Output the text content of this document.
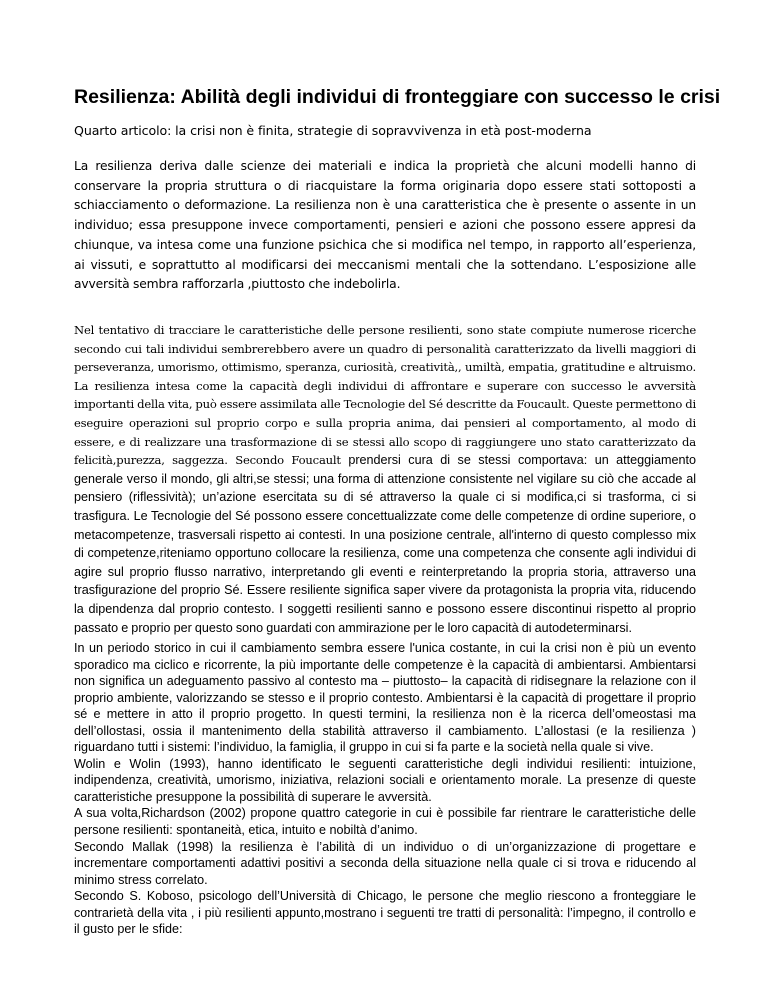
Resilienza: Abilità degli individui di fronteggiare con successo le crisi

Quarto articolo: la crisi non è finita, strategie di sopravvivenza in età post-moderna

La resilienza deriva dalle scienze dei materiali e indica la proprietà che alcuni modelli hanno di conservare la propria struttura o di riacquistare la forma originaria dopo essere stati sottoposti a schiacciamento o deformazione. La resilienza non è una caratteristica che è presente o assente in un individuo; essa presuppone invece comportamenti, pensieri e azioni che possono essere appresi da chiunque, va intesa come una funzione psichica che si modifica nel tempo, in rapporto all’esperienza, ai vissuti, e soprattutto al modificarsi dei meccanismi mentali che la sottendano. L’esposizione alle avversità sembra rafforzarla ,piuttosto che indebolirla.

Nel tentativo di tracciare le caratteristiche delle persone resilienti, sono state compiute numerose ricerche secondo cui tali individui sembrerebbero avere un quadro di personalità caratterizzato da livelli maggiori di perseveranza, umorismo, ottimismo, speranza, curiosità, creatività,, umiltà, empatia, gratitudine e altruismo. La resilienza intesa come la capacità degli individui di affrontare e superare con successo le avversità importanti della vita, può essere assimilata alle Tecnologie del Sé descritte da Foucault. Queste permettono di eseguire operazioni sul proprio corpo e sulla propria anima, dai pensieri al comportamento, al modo di essere, e di realizzare una trasformazione di se stessi allo scopo di raggiungere uno stato caratterizzato da felicità,purezza, saggezza. Secondo Foucault prendersi cura di se stessi comportava: un atteggiamento generale verso il mondo, gli altri,se stessi; una forma di attenzione consistente nel vigilare su ciò che accade al pensiero (riflessività); un’azione esercitata su di sé attraverso la quale ci si modifica,ci si trasforma, ci si trasfigura. Le Tecnologie del Sé possono essere concettualizzate come delle competenze di ordine superiore, o metacompetenze, trasversali rispetto ai contesti. In una posizione centrale, all'interno di questo complesso mix di competenze,riteniamo opportuno collocare la resilienza, come una competenza che consente agli individui di agire sul proprio flusso narrativo, interpretando gli eventi e reinterpretando la propria storia, attraverso una trasfigurazione del proprio Sé. Essere resiliente significa saper vivere da protagonista la propria vita, riducendo la dipendenza dal proprio contesto. I soggetti resilienti sanno e possono essere discontinui rispetto al proprio passato e proprio per questo sono guardati con ammirazione per le loro capacità di autodeterminarsi.

In un periodo storico in cui il cambiamento sembra essere l'unica costante, in cui la crisi non è più un evento sporadico ma ciclico e ricorrente, la più importante delle competenze è la capacità di ambientarsi. Ambientarsi non significa un adeguamento passivo al contesto ma – piuttosto– la capacità di ridisegnare la relazione con il proprio ambiente, valorizzando se stesso e il proprio contesto. Ambientarsi è la capacità di progettare il proprio sé e mettere in atto il proprio progetto. In questi termini, la resilienza non è la ricerca dell’omeostasi ma dell’ollostasi, ossia il mantenimento della stabilità attraverso il cambiamento. L’allostasi (e la resilienza ) riguardano tutti i sistemi: l’individuo, la famiglia, il gruppo in cui si fa parte e la società nella quale si vive.
Wolin e Wolin (1993), hanno identificato le seguenti caratteristiche degli individui resilienti: intuizione, indipendenza, creatività, umorismo, iniziativa, relazioni sociali e orientamento morale. La presenze di queste caratteristiche presuppone la possibilità di superare le avversità.
A sua volta,Richardson (2002) propone quattro categorie in cui è possibile far rientrare le caratteristiche delle persone resilienti: spontaneità, etica, intuito e nobiltà d’animo.
Secondo Mallak (1998) la resilienza è l’abilità di un individuo o di un’organizzazione di progettare e incrementare comportamenti adattivi positivi a seconda della situazione nella quale ci si trova e riducendo al minimo stress correlato.
Secondo S. Koboso, psicologo dell’Università di Chicago, le persone che meglio riescono a fronteggiare le contrarietà della vita , i più resilienti appunto,mostrano i seguenti tre tratti di personalità: l’impegno, il controllo e il gusto per le sfide:
